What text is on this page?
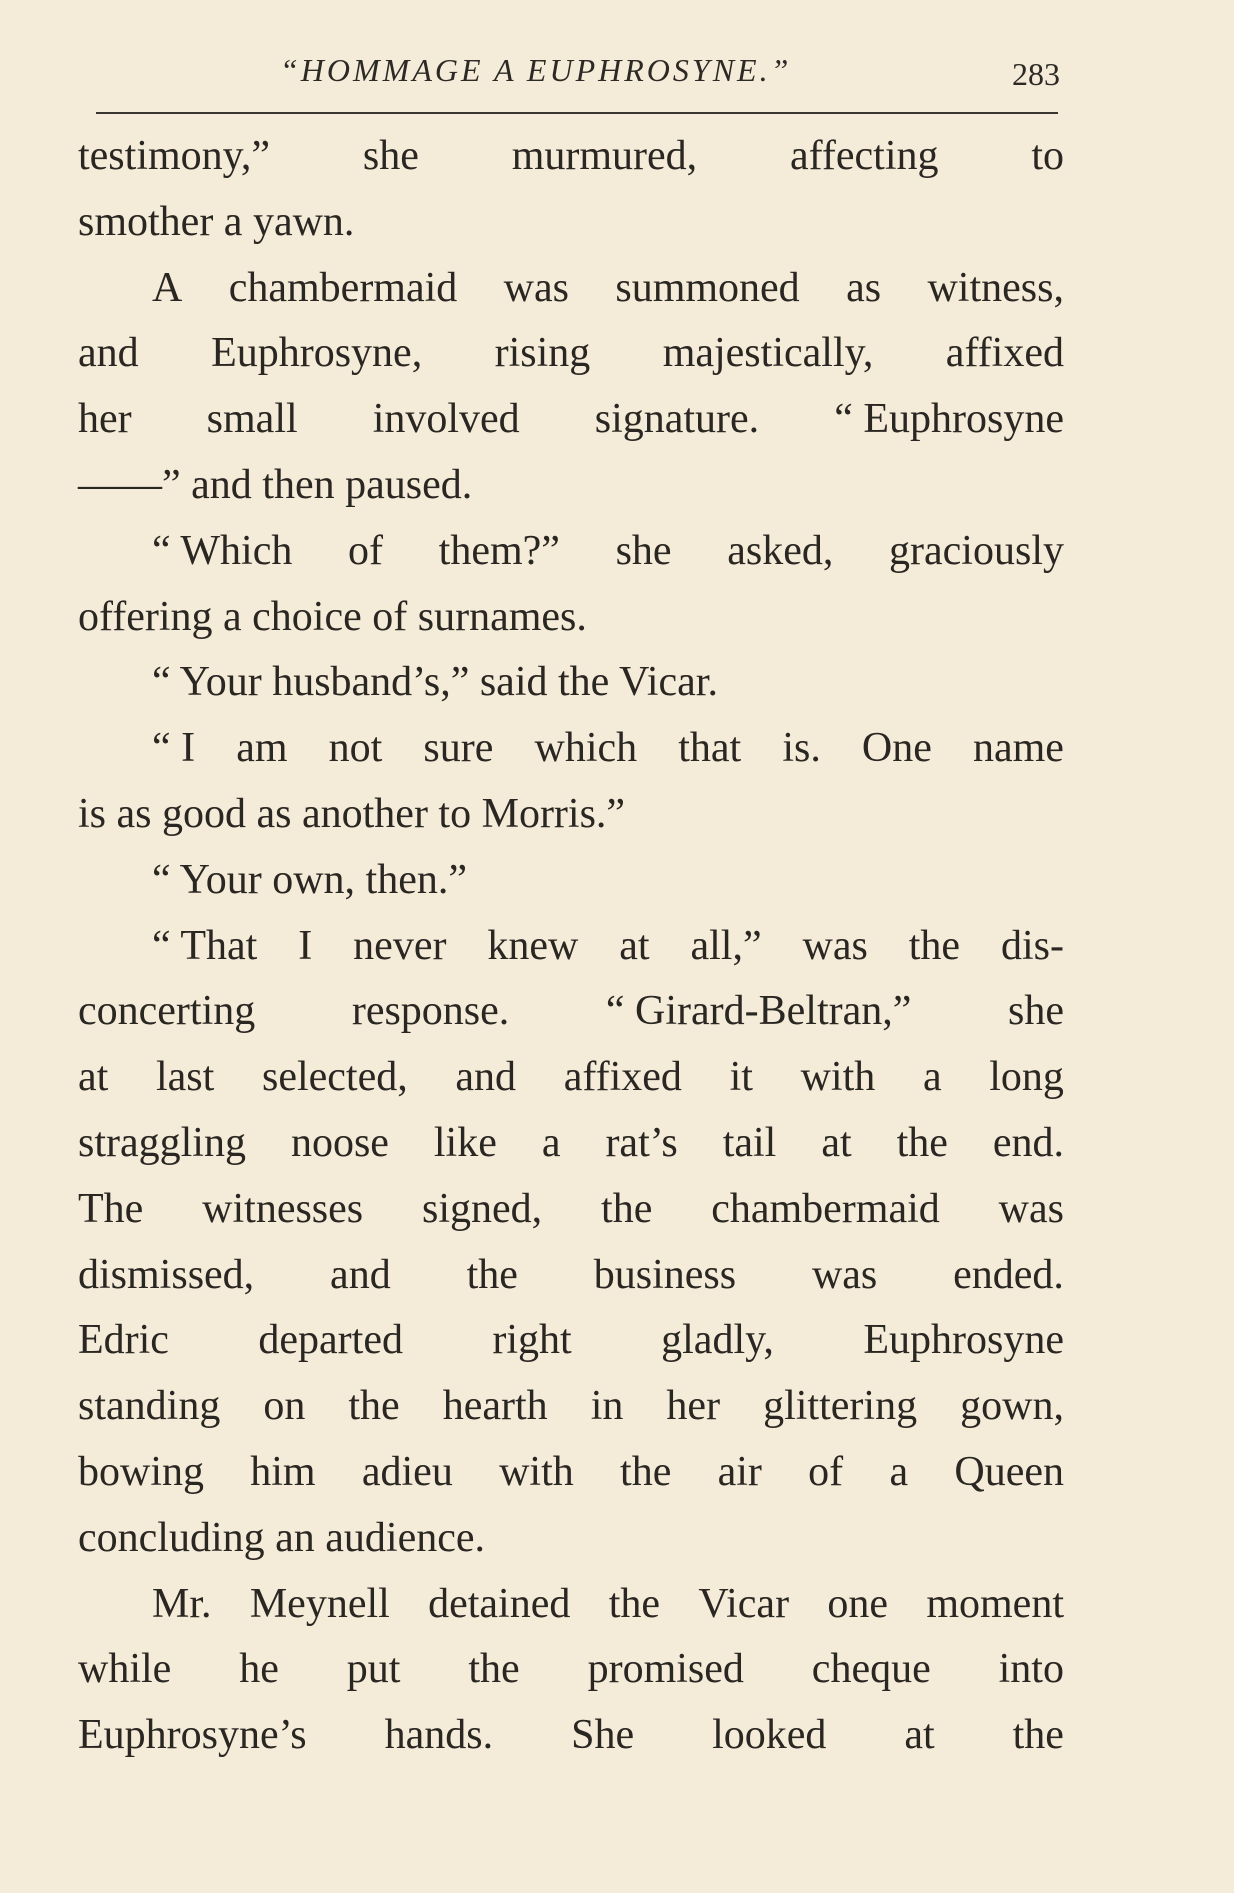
“HOMMAGE A EUPHROSYNE.”	283
testimony,” she murmured, affecting to
smother a yawn.
A chambermaid was summoned as witness,
and Euphrosyne, rising majestically, affixed
her small involved signature. “ Euphrosyne
——” and then paused.
“ Which of them?” she asked, graciously
offering a choice of surnames.
“ Your husband’s,” said the Vicar.
“ I am not sure which that is. One name
is as good as another to Morris.”
“ Your own, then.”
“ That I never knew at all,” was the dis-
concerting response. “ Girard-Beltran,” she
at last selected, and affixed it with a long
straggling noose like a rat’s tail at the end.
The witnesses signed, the chambermaid was
dismissed, and the business was ended.
Edric departed right gladly, Euphrosyne
standing on the hearth in her glittering gown,
bowing him adieu with the air of a Queen
concluding an audience.
Mr. Meynell detained the Vicar one moment
while he put the promised cheque into
Euphrosyne’s hands. She looked at the
